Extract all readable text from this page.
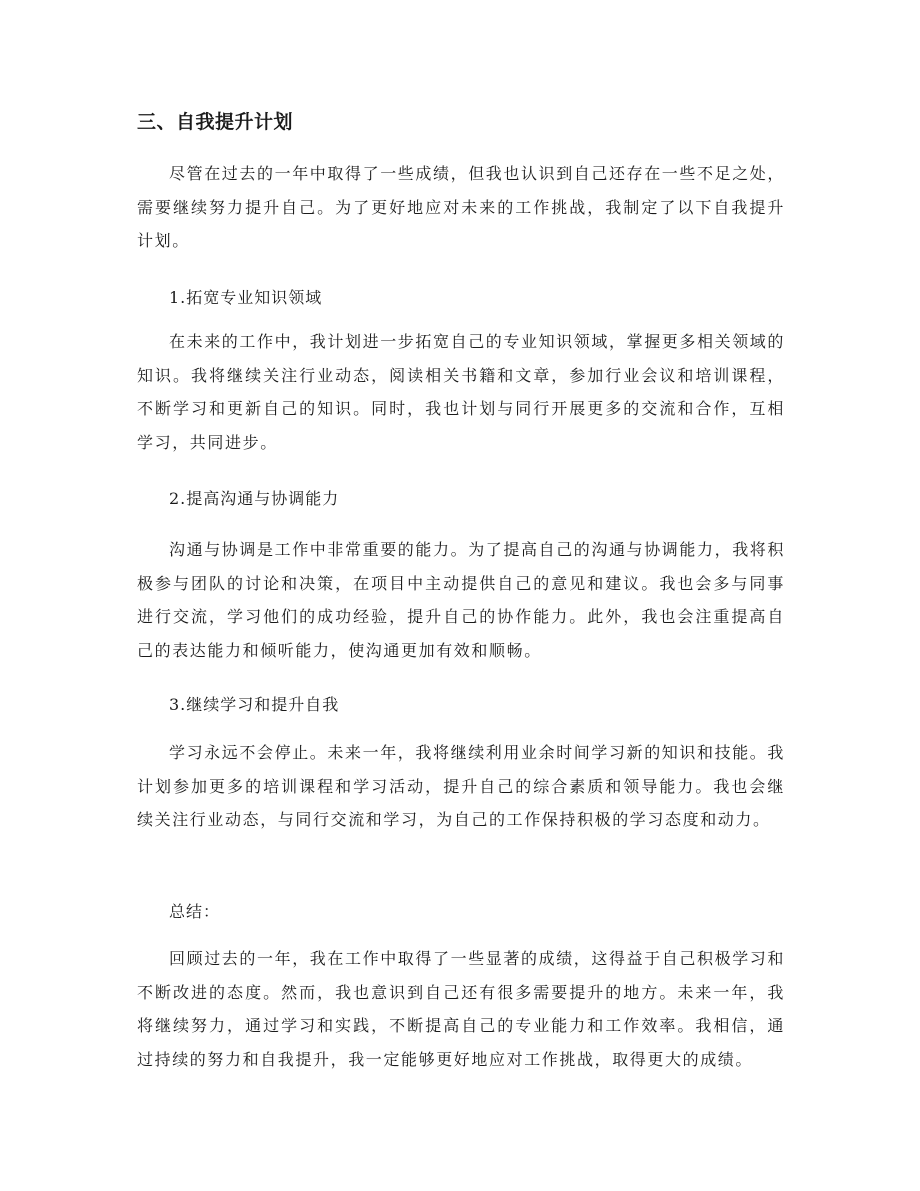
三、自我提升计划

尽管在过去的一年中取得了一些成绩，但我也认识到自己还存在一些不足之处，需要继续努力提升自己。为了更好地应对未来的工作挑战，我制定了以下自我提升计划。

1.拓宽专业知识领域

在未来的工作中，我计划进一步拓宽自己的专业知识领域，掌握更多相关领域的知识。我将继续关注行业动态，阅读相关书籍和文章，参加行业会议和培训课程，不断学习和更新自己的知识。同时，我也计划与同行开展更多的交流和合作，互相学习，共同进步。

2.提高沟通与协调能力

沟通与协调是工作中非常重要的能力。为了提高自己的沟通与协调能力，我将积极参与团队的讨论和决策，在项目中主动提供自己的意见和建议。我也会多与同事进行交流，学习他们的成功经验，提升自己的协作能力。此外，我也会注重提高自己的表达能力和倾听能力，使沟通更加有效和顺畅。

3.继续学习和提升自我

学习永远不会停止。未来一年，我将继续利用业余时间学习新的知识和技能。我计划参加更多的培训课程和学习活动，提升自己的综合素质和领导能力。我也会继续关注行业动态，与同行交流和学习，为自己的工作保持积极的学习态度和动力。

总结：

回顾过去的一年，我在工作中取得了一些显著的成绩，这得益于自己积极学习和不断改进的态度。然而，我也意识到自己还有很多需要提升的地方。未来一年，我将继续努力，通过学习和实践，不断提高自己的专业能力和工作效率。我相信，通过持续的努力和自我提升，我一定能够更好地应对工作挑战，取得更大的成绩。
